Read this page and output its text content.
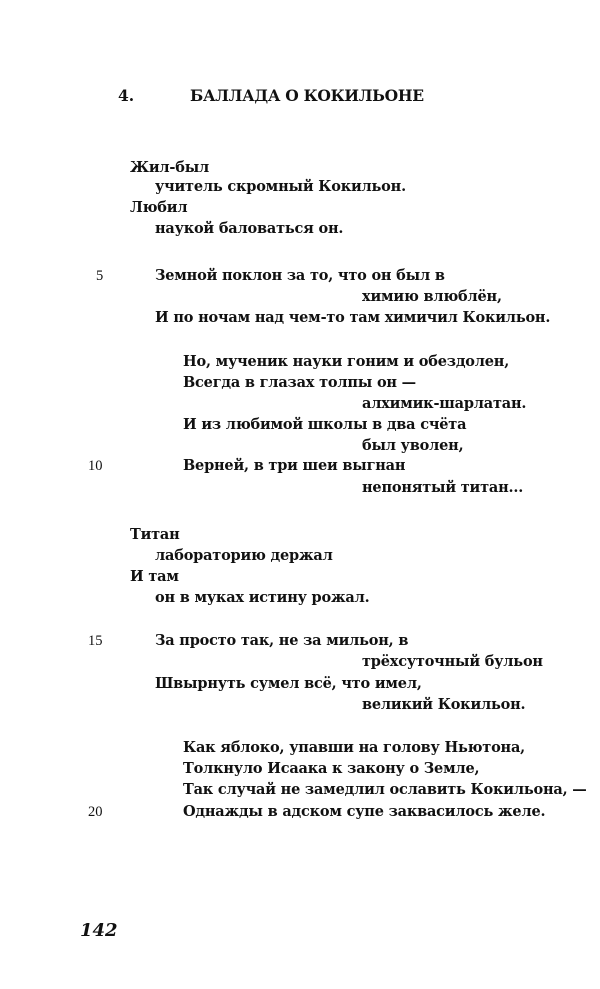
4.	БАЛЛАДА О КОКИЛЬОНЕ
5
10
15
20
Жил-был
учитель скромный Кокильон.
Любил
наукой баловаться он.
Земной поклон за то, что он был в
химию влюблён,
И по ночам над чем-то там химичил Кокильон.
Но, мученик науки гоним и обездолен,
Всегда в глазах толпы он —
алхимик-шарлатан.
И из любимой школы в два счёта
был уволен,
Верней, в три шеи выгнан
непонятый титан...
Титан
лабораторию держал
И там
он в муках истину рожал.
За просто так, не за мильон, в
трёхсуточный бульон
Швырнуть сумел всё, что имел,
великий Кокильон.
Как яблоко, упавши на голову Ньютона,
Толкнуло Исаака к закону о Земле,
Так случай не замедлил ославить Кокильона, —
Однажды в адском супе заквасилось желе.
142
